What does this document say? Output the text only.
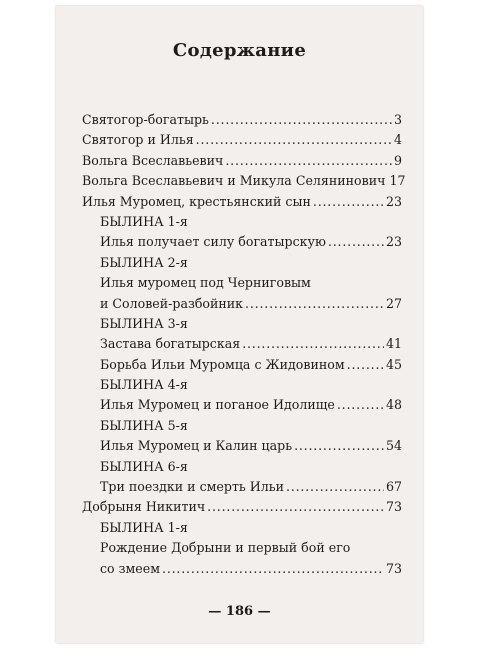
Содержание
Святогор-богатырь . . .	3
Святогор и Илья . . .	4
Вольга Всеславьевич . . .	9
Вольга Всеславьевич и Микула Селянинович 17
Илья Муромец, крестьянский сын . . .	23
БЫЛИНА 1-я
Илья получает силу богатырскую . . .	23
БЫЛИНА 2-я
Илья муромец под Черниговым
и Соловей-разбойник . . .	27
БЫЛИНА 3-я
Застава богатырская . . .	41
Борьба Ильи Муромца с Жидовином . . .	45
БЫЛИНА 4-я
Илья Муромец и поганое Идолище . . .	48
БЫЛИНА 5-я
Илья Муромец и Калин царь . . .	54
БЫЛИНА 6-я
Три поездки и смерть Ильи . . .	67
Добрыня Никитич . . .	73
БЫЛИНА 1-я
Рождение Добрыни и первый бой его
со змеем . . .	73
— 186 —
